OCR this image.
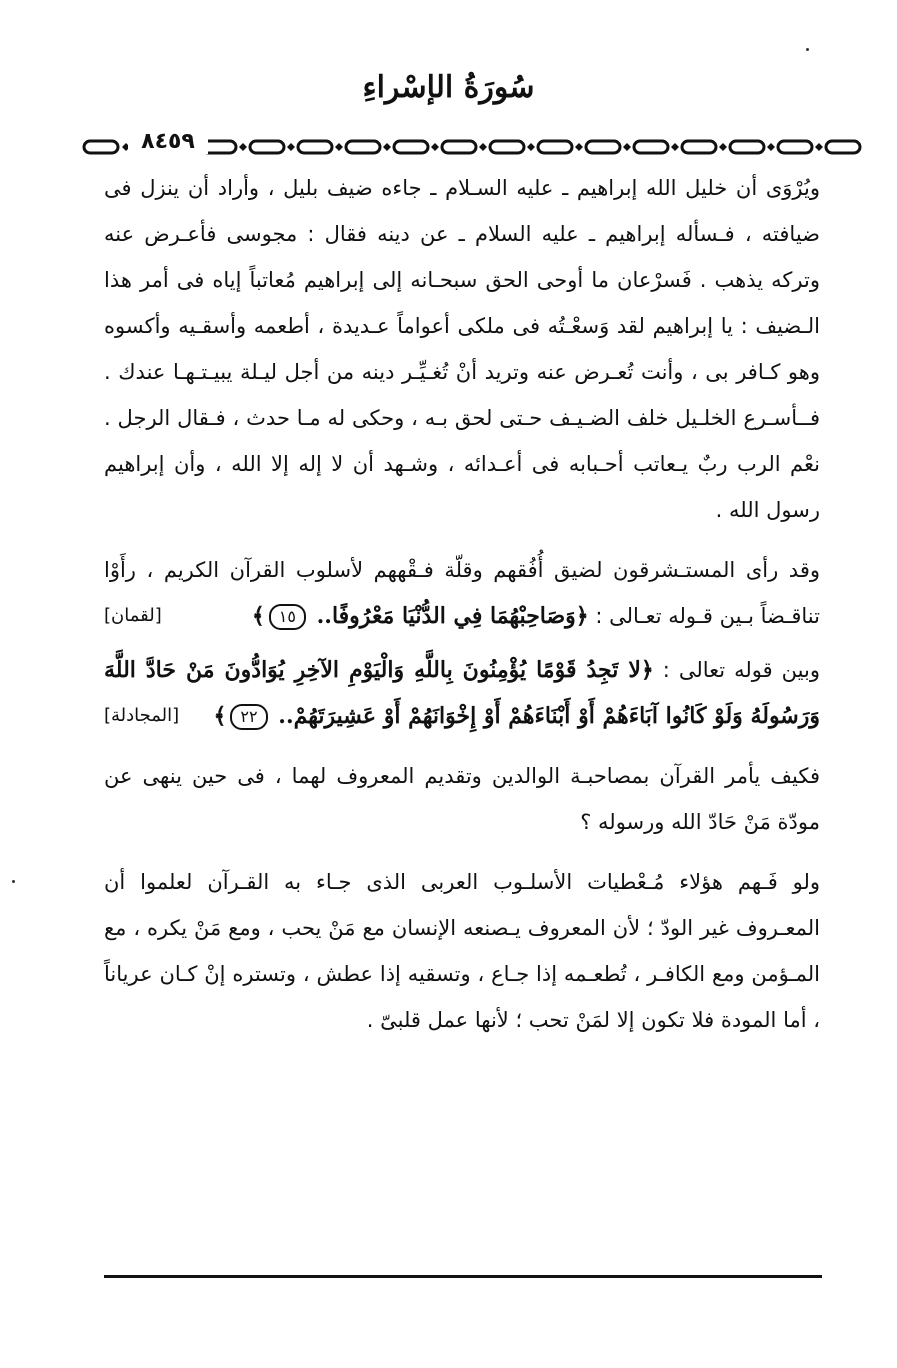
سُورَةُ الإسْراءِ
٨٤٥٩

ويُرْوَى أن خليل الله إبراهيم ـ عليه السـلام ـ جاءه ضيف بليل ، وأراد أن ينزل فى ضيافته ، فـسأله إبراهيم ـ عليه السلام ـ عن دينه فقال : مجوسى فأعـرض عنه وتركه يذهب . فَسرْعان ما أوحى الحق سبحـانه إلى إبراهيم مُعاتباً إياه فى أمر هذا الـضيف : يا إبراهيم لقد وَسعْـتُه فى ملكى أعواماً عـديدة ، أطعمه وأسقـيه وأكسوه وهو كـافر بى ، وأنت تُعـرض عنه وتريد أنْ تُغـيِّـر دينه من أجل ليـلة يبيـتـهـا عندك . فــأسـرع الخلـيل خلف الضـيـف حـتى لحق بـه ، وحكى له مـا حدث ، فـقال الرجل . نعْم الرب ربٌ يـعاتب أحـبابه فى أعـدائه ، وشـهد أن لا إله إلا الله ، وأن إبراهيم رسول الله .

وقد رأى المستـشرقون لضيق أُفُقهم وقلّة فـقْههم لأسلوب القرآن الكريم ، رأَوْا تناقـضاً بـين قـوله تعـالى : ﴿وَصَاحِبْهُمَا فِي الدُّنْيَا مَعْرُوفًا.. ١٥﴾
[لقمان]

وبين قوله تعالى : ﴿لا تَجِدُ قَوْمًا يُؤْمِنُونَ بِاللَّهِ وَالْيَوْمِ الآخِرِ يُوَادُّونَ مَنْ حَادَّ اللَّهَ وَرَسُولَهُ وَلَوْ كَانُوا آبَاءَهُمْ أَوْ أَبْنَاءَهُمْ أَوْ إِخْوَانَهُمْ أَوْ عَشِيرَتَهُمْ.. ٢٢﴾
[المجادلة]

فكيف يأمر القرآن بمصاحبـة الوالدين وتقديم المعروف لهما ، فى حين ينهى عن مودّة مَنْ حَادّ الله ورسوله ؟

ولو فَـهم هؤلاء مُـعْطيات الأسلـوب العربى الذى جـاء به القـرآن لعلموا أن المعـروف غير الودّ ؛ لأن المعروف يـصنعه الإنسان مع مَنْ يحب ، ومع مَنْ يكره ، مع المـؤمن ومع الكافـر ، تُطعـمه إذا جـاع ، وتسقيه إذا عطش ، وتستره إنْ كـان عرياناً ، أما المودة فلا تكون إلا لمَنْ تحب ؛ لأنها عمل قلبىّ .
